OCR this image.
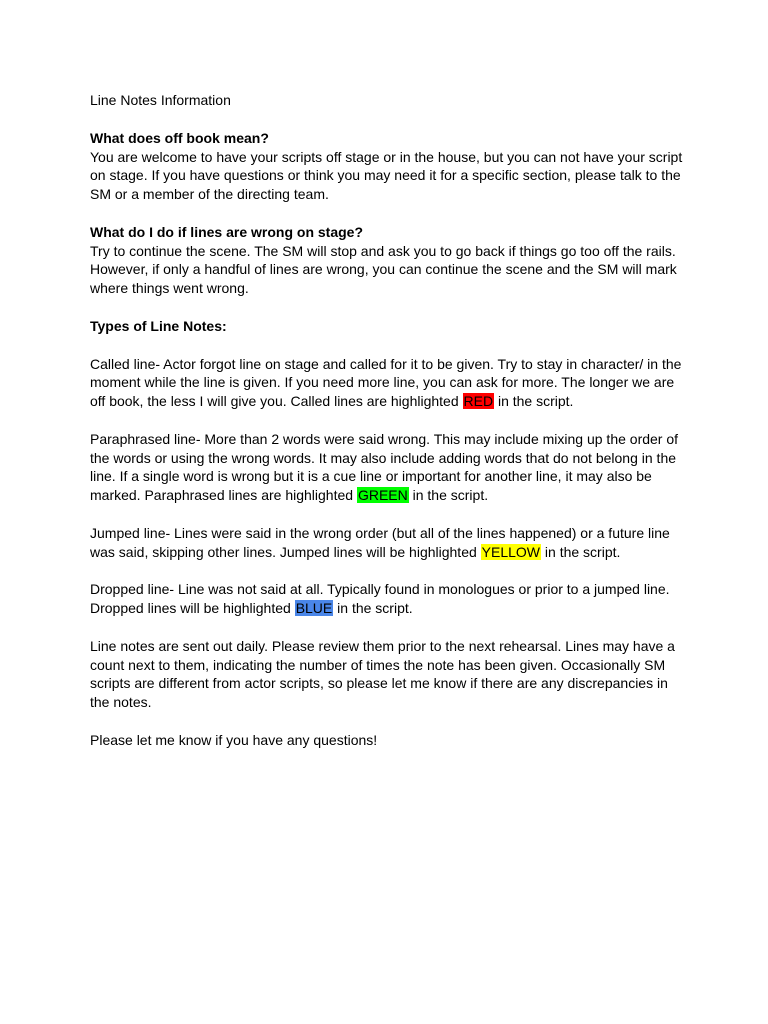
Line Notes Information

What does off book mean?

You are welcome to have your scripts off stage or in the house, but you can not have your script on stage. If you have questions or think you may need it for a specific section, please talk to the SM or a member of the directing team.

What do I do if lines are wrong on stage?

Try to continue the scene. The SM will stop and ask you to go back if things go too off the rails. However, if only a handful of lines are wrong, you can continue the scene and the SM will mark where things went wrong.

Types of Line Notes:

Called line- Actor forgot line on stage and called for it to be given. Try to stay in character/ in the moment while the line is given. If you need more line, you can ask for more. The longer we are off book, the less I will give you. Called lines are highlighted RED in the script.

Paraphrased line- More than 2 words were said wrong. This may include mixing up the order of the words or using the wrong words. It may also include adding words that do not belong in the line. If a single word is wrong but it is a cue line or important for another line, it may also be marked. Paraphrased lines are highlighted GREEN in the script.

Jumped line- Lines were said in the wrong order (but all of the lines happened) or a future line was said, skipping other lines. Jumped lines will be highlighted YELLOW in the script.

Dropped line- Line was not said at all. Typically found in monologues or prior to a jumped line. Dropped lines will be highlighted BLUE in the script.

Line notes are sent out daily. Please review them prior to the next rehearsal. Lines may have a count next to them, indicating the number of times the note has been given. Occasionally SM scripts are different from actor scripts, so please let me know if there are any discrepancies in the notes.

Please let me know if you have any questions!
